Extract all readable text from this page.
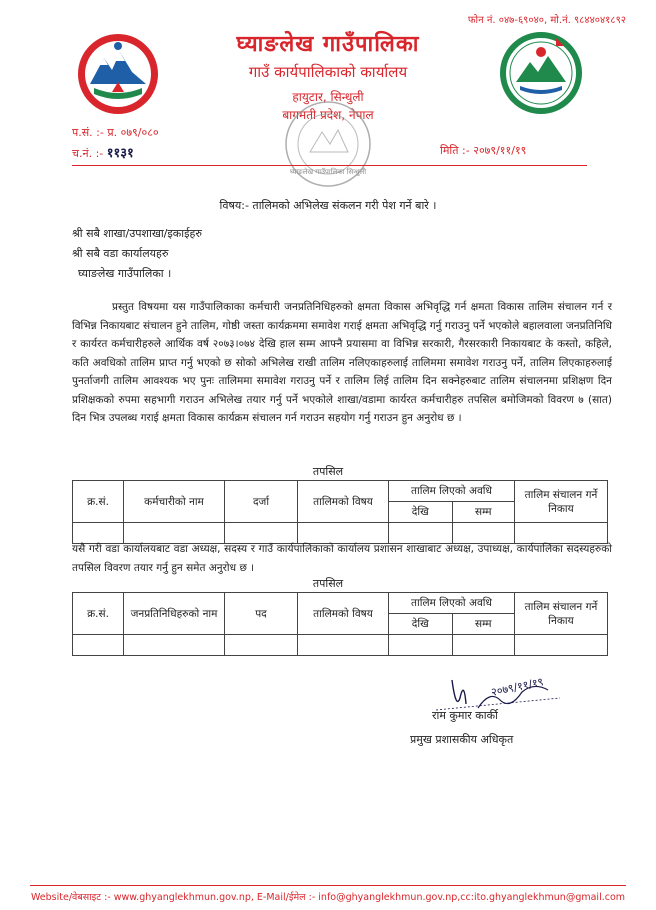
फोन नं. ०४७-६९०४०, मो.नं. ९८४४०४१८९२
घ्याङलेख गाउँपालिका
गाउँ कार्यपालिकाको कार्यालय
हायुटार, सिन्धुली
बागमती प्रदेश, नेपाल
प.सं. :- प्र. ०७९/०८०
च.नं. :- ११३१	मिति :- २०७९/११/१९
घ्याङलेख गाउँपालिका सिन्धुली
विषय:- तालिमको अभिलेख संकलन गरी पेश गर्ने बारे ।
श्री सबै शाखा/उपशाखा/इकाईहरु
श्री सबै वडा कार्यालयहरु
घ्याङलेख गाउँपालिका ।
प्रस्तुत विषयमा यस गाउँपालिकाका कर्मचारी जनप्रतिनिधिहरुको क्षमता विकास अभिवृद्धि गर्न क्षमता विकास तालिम संचालन गर्न र विभिन्न निकायबाट संचालन हुने तालिम, गोष्ठी जस्ता कार्यक्रममा समावेश गराई क्षमता अभिवृद्धि गर्नु गराउनु पर्ने भएकोले बहालवाला जनप्रतिनिधि र कार्यरत कर्मचारीहरुले आर्थिक वर्ष २०७३।०७४ देखि हाल सम्म आफ्नै प्रयासमा वा विभिन्न सरकारी, गैरसरकारी निकायबाट के कस्तो, कहिले, कति अवधिको तालिम प्राप्त गर्नु भएको छ सोको अभिलेख राखी तालिम नलिएकाहरुलाई तालिममा समावेश गराउनु पर्ने, तालिम लिएकाहरुलाई पुनर्ताजगी तालिम आवश्यक भए पुनः तालिममा समावेश गराउनु पर्ने र तालिम लिई तालिम दिन सक्नेहरुबाट तालिम संचालनमा प्रशिक्षण दिन प्रशिक्षकको रुपमा सहभागी गराउन अभिलेख तयार गर्नु पर्ने भएकोले शाखा/वडामा कार्यरत कर्मचारीहरु तपसिल बमोजिमको विवरण ७ (सात) दिन भित्र उपलब्ध गराई क्षमता विकास कार्यक्रम संचालन गर्न गराउन सहयोग गर्नु गराउन हुन अनुरोध छ ।
तपसिल
क्र.सं.	कर्मचारीको नाम	दर्जा	तालिमको विषय	तालिम लिएको अवधि		तालिम संचालन गर्ने निकाय
				देखि	सम्म	

यसै गरी वडा कार्यालयबाट वडा अध्यक्ष, सदस्य र गाउँ कार्यपालिकाको कार्यालय प्रशासन शाखाबाट अध्यक्ष, उपाध्यक्ष, कार्यपालिका सदस्यहरुको तपसिल विवरण तयार गर्नु हुन समेत अनुरोध छ ।
तपसिल
क्र.सं.	जनप्रतिनिधिहरुको नाम	पद	तालिमको विषय	तालिम लिएको अवधि		तालिम संचालन गर्ने निकाय
				देखि	सम्म	

२०७९/११/१९
राम कुमार कार्की
प्रमुख प्रशासकीय अधिकृत
Website/वेबसाइट :- www.ghyanglekhmun.gov.np, E-Mail/ईमेल :- info@ghyanglekhmun.gov.np,cc:ito.ghyanglekhmun@gmail.com
